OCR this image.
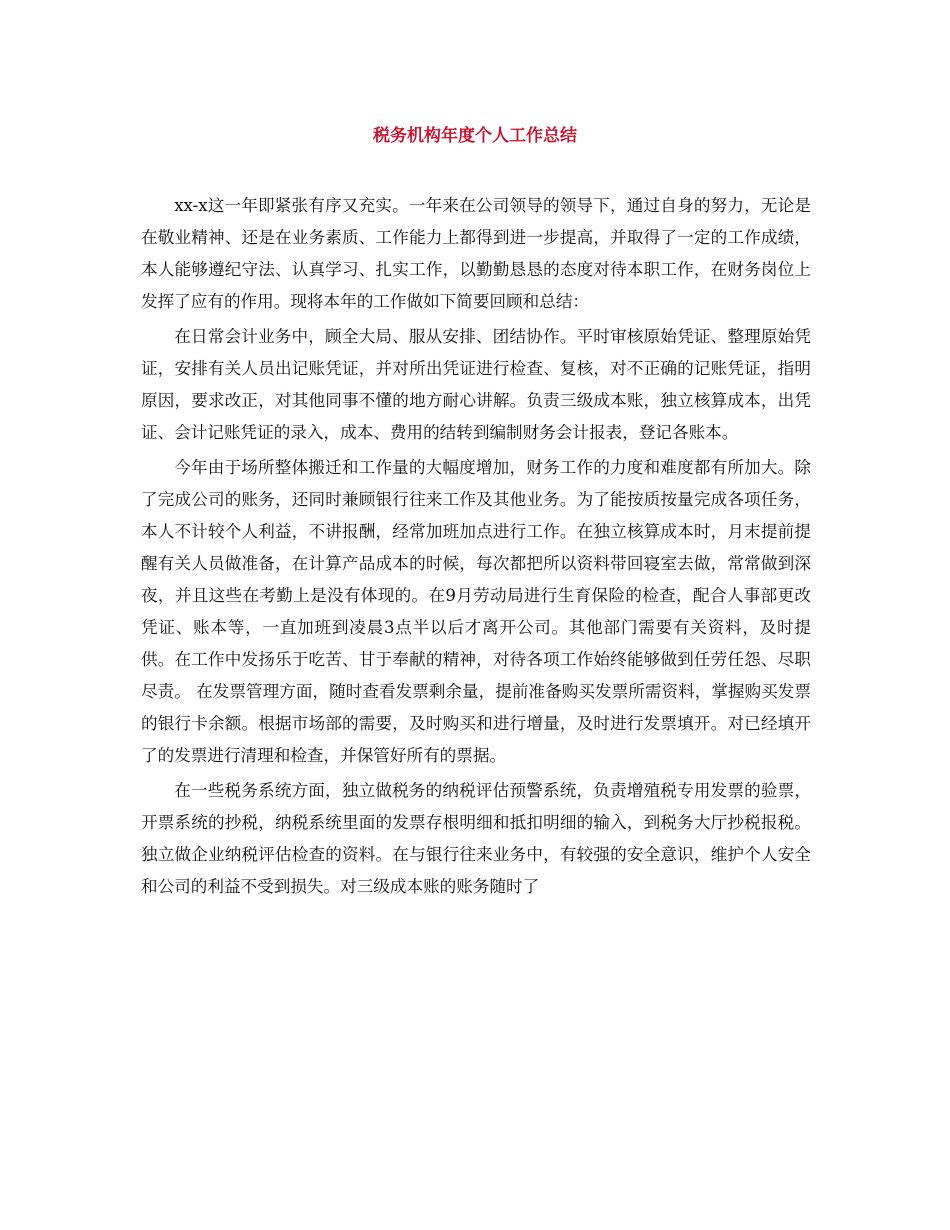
税务机构年度个人工作总结

xx-x这一年即紧张有序又充实。一年来在公司领导的领导下，通过自身的努力，无论是在敬业精神、还是在业务素质、工作能力上都得到进一步提高，并取得了一定的工作成绩，本人能够遵纪守法、认真学习、扎实工作，以勤勤恳恳的态度对待本职工作，在财务岗位上发挥了应有的作用。现将本年的工作做如下简要回顾和总结：

在日常会计业务中，顾全大局、服从安排、团结协作。平时审核原始凭证、整理原始凭证，安排有关人员出记账凭证，并对所出凭证进行检查、复核，对不正确的记账凭证，指明原因，要求改正，对其他同事不懂的地方耐心讲解。负责三级成本账，独立核算成本，出凭证、会计记账凭证的录入，成本、费用的结转到编制财务会计报表，登记各账本。

今年由于场所整体搬迁和工作量的大幅度增加，财务工作的力度和难度都有所加大。除了完成公司的账务，还同时兼顾银行往来工作及其他业务。为了能按质按量完成各项任务，本人不计较个人利益，不讲报酬，经常加班加点进行工作。在独立核算成本时，月末提前提醒有关人员做准备，在计算产品成本的时候，每次都把所以资料带回寝室去做，常常做到深夜，并且这些在考勤上是没有体现的。在9月劳动局进行生育保险的检查，配合人事部更改凭证、账本等，一直加班到凌晨3点半以后才离开公司。其他部门需要有关资料，及时提供。在工作中发扬乐于吃苦、甘于奉献的精神，对待各项工作始终能够做到任劳任怨、尽职尽责。 在发票管理方面，随时查看发票剩余量，提前准备购买发票所需资料，掌握购买发票的银行卡余额。根据市场部的需要，及时购买和进行增量，及时进行发票填开。对已经填开了的发票进行清理和检查，并保管好所有的票据。

在一些税务系统方面，独立做税务的纳税评估预警系统，负责增殖税专用发票的验票，开票系统的抄税，纳税系统里面的发票存根明细和抵扣明细的输入，到税务大厅抄税报税。独立做企业纳税评估检查的资料。在与银行往来业务中，有较强的安全意识，维护个人安全和公司的利益不受到损失。对三级成本账的账务随时了
